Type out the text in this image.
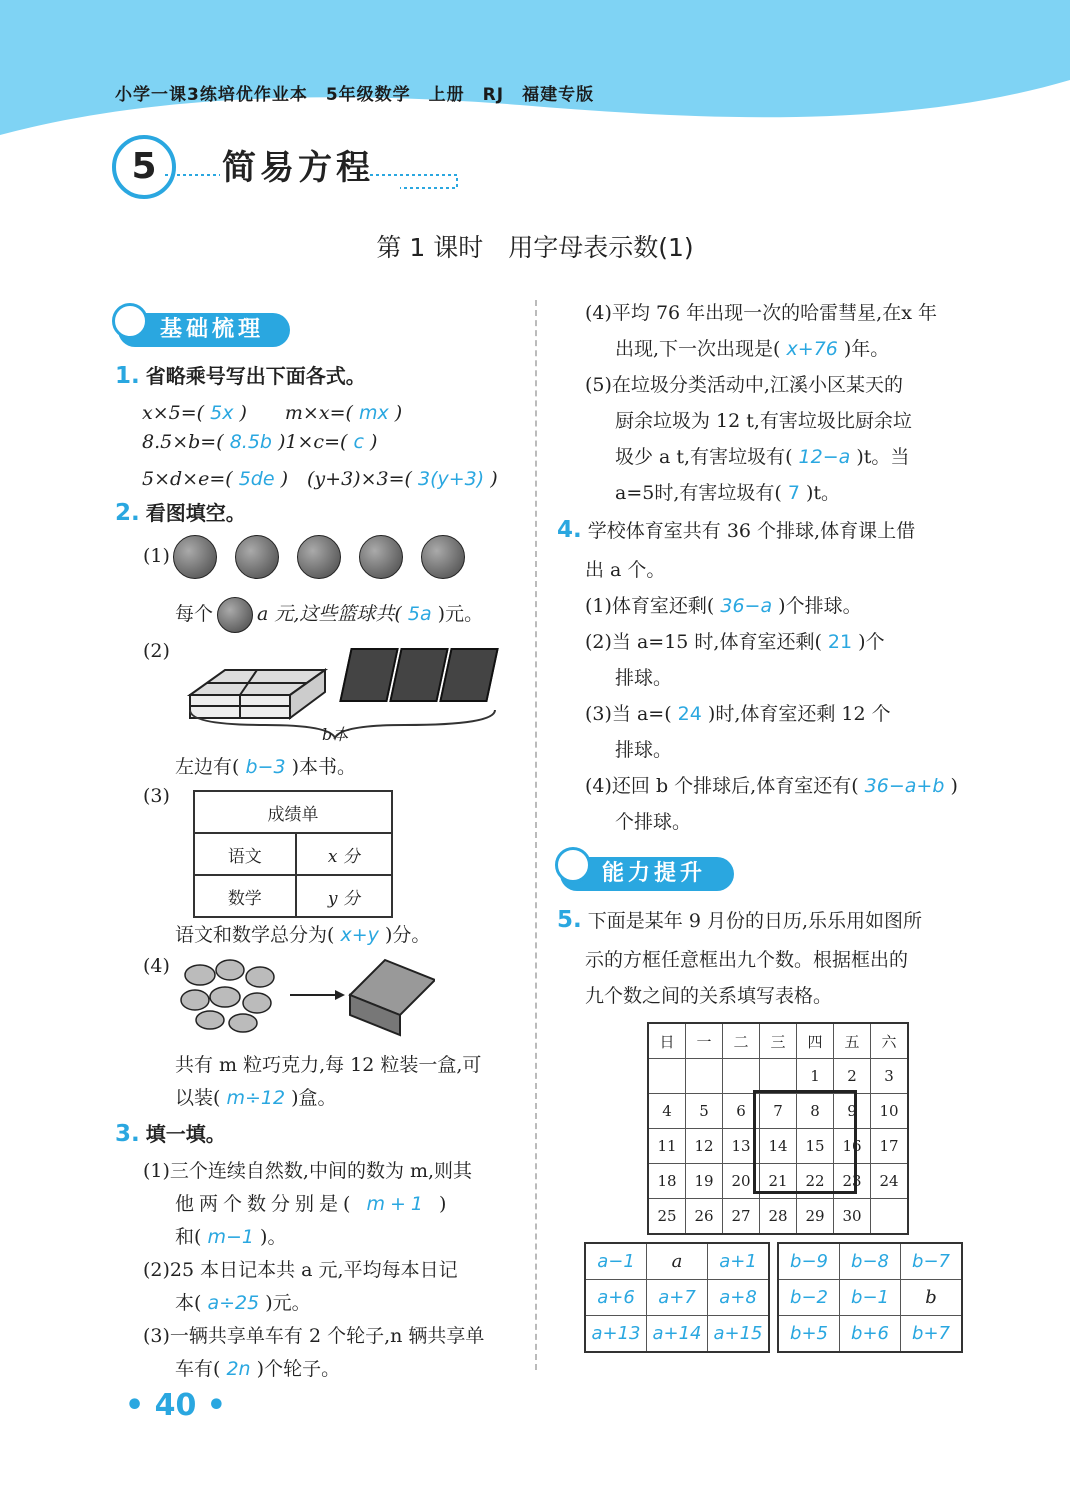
小学一课3练培优作业本　5年级数学　上册　RJ　福建专版
5	简易方程
第 1 课时　用字母表示数(1)
基础梳理
1. 省略乘号写出下面各式。
x×5=( 5x )　　m×x=( mx )
8.5×b=( 8.5b )1×c=( c )
5×d×e=( 5de )　(y+3)×3=( 3(y+3) )
2. 看图填空。
(1)
每个 a 元,这些篮球共( 5a )元。
(2)
b本
左边有( b−3 )本书。
(3)
成绩单	
语文	x 分
数学	y 分
语文和数学总分为( x+y )分。
(4)
共有 m 粒巧克力,每 12 粒装一盒,可
以装( m÷12 )盒。
3. 填一填。
(1)三个连续自然数,中间的数为 m,则其
他两个数分别是( m+1 )
和( m−1 )。
(2)25 本日记本共 a 元,平均每本日记
本( a÷25 )元。
(3)一辆共享单车有 2 个轮子,n 辆共享单
车有( 2n )个轮子。
• 40 •
(4)平均 76 年出现一次的哈雷彗星,在x 年
出现,下一次出现是( x+76 )年。
(5)在垃圾分类活动中,江溪小区某天的
厨余垃圾为 12 t,有害垃圾比厨余垃
圾少 a t,有害垃圾有( 12−a )t。当
a=5时,有害垃圾有( 7 )t。
4. 学校体育室共有 36 个排球,体育课上借
出 a 个。
(1)体育室还剩( 36−a )个排球。
(2)当 a=15 时,体育室还剩( 21 )个
排球。
(3)当 a=( 24 )时,体育室还剩 12 个
排球。
(4)还回 b 个排球后,体育室还有( 36−a+b )
个排球。
能力提升
5. 下面是某年 9 月份的日历,乐乐用如图所
示的方框任意框出九个数。根据框出的
九个数之间的关系填写表格。
日	一	二	三	四	五	六
				1	2	3
4	5	6	7	8	9	10
11	12	13	14	15	16	17
18	19	20	21	22	23	24
25	26	27	28	29	30	
a−1	a	a+1
a+6	a+7	a+8
a+13	a+14	a+15
b−9	b−8	b−7
b−2	b−1	b
b+5	b+6	b+7
